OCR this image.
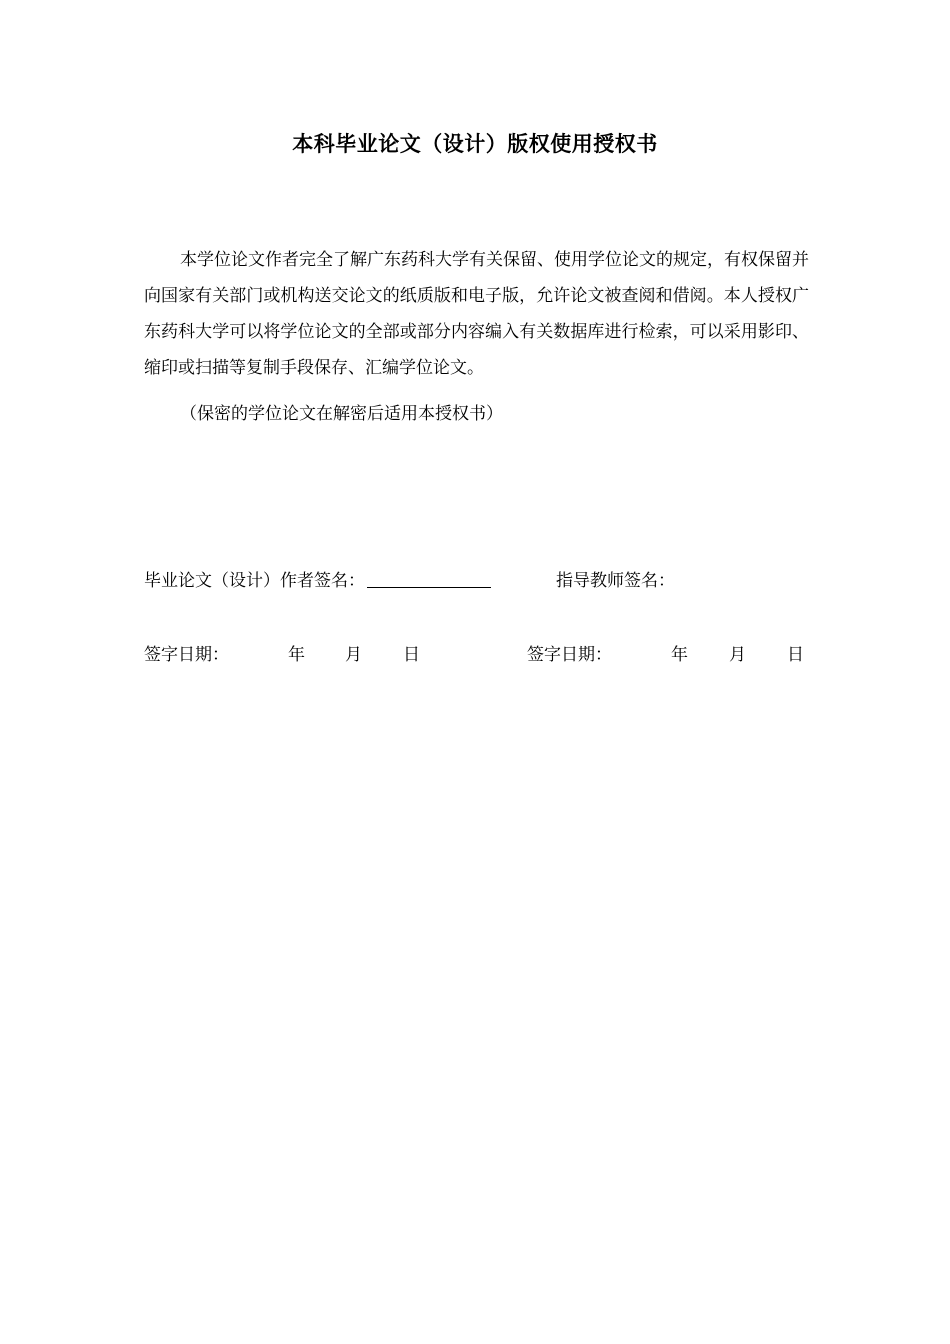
本科毕业论文（设计）版权使用授权书
本学位论文作者完全了解广东药科大学有关保留、使用学位论文的规定，有权保留并向国家有关部门或机构送交论文的纸质版和电子版，允许论文被查阅和借阅。本人授权广东药科大学可以将学位论文的全部或部分内容编入有关数据库进行检索，可以采用影印、缩印或扫描等复制手段保存、汇编学位论文。
（保密的学位论文在解密后适用本授权书）
毕业论文（设计）作者签名：	指导教师签名：
签字日期：	年 月 日	签字日期：	年 月 日
